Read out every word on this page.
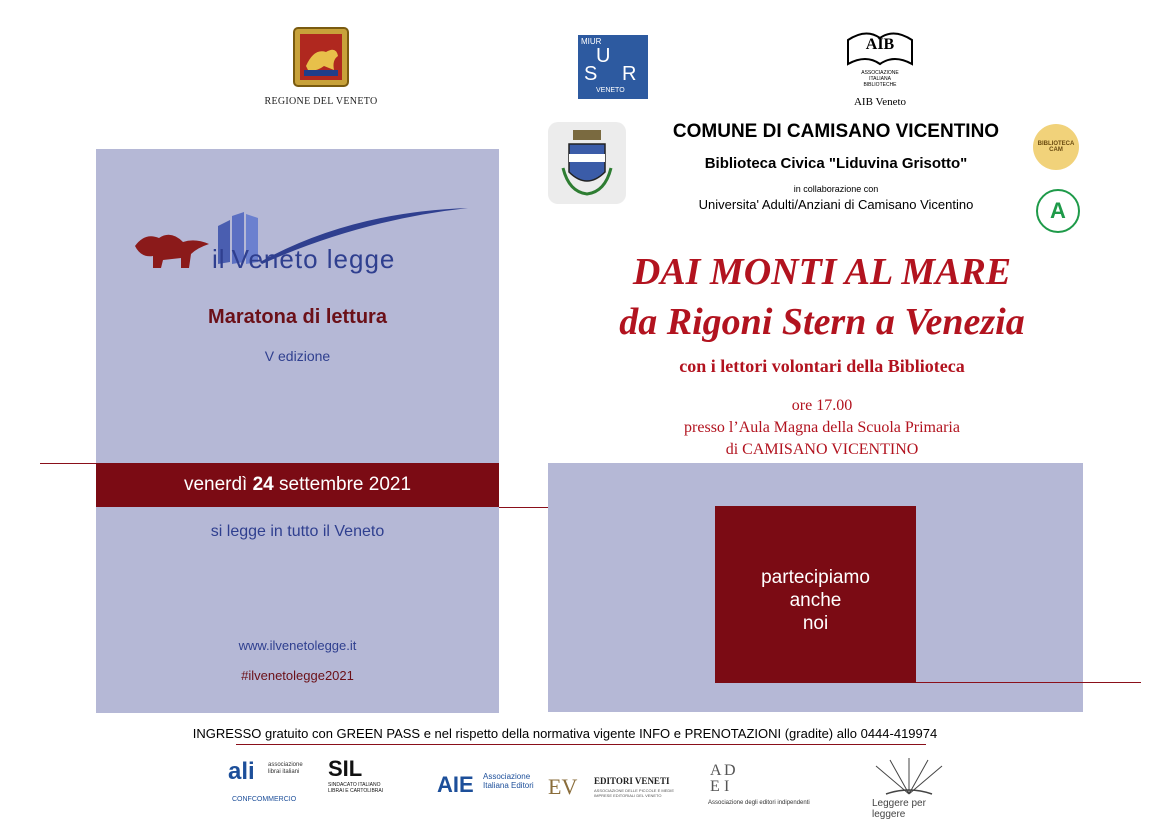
REGIONE DEL VENETO
MIUR
U
S R
VENETO
AIB
ASSOCIAZIONE ITALIANA BIBLIOTECHE
AIB Veneto
COMUNE DI CAMISANO VICENTINO
Biblioteca Civica "Liduvina Grisotto"
in collaborazione con
Universita' Adulti/Anziani di Camisano Vicentino
BIBLIOTECA CAM
A
il Veneto legge
Maratona di lettura
V edizione
venerdì 24 settembre 2021
si legge in tutto il Veneto
www.ilvenetolegge.it
#ilvenetolegge2021
DAI MONTI AL MARE
da Rigoni Stern a Venezia
con i lettori volontari della Biblioteca
ore 17.00
presso l’Aula Magna della Scuola Primaria
di CAMISANO VICENTINO
partecipiamo
anche
noi
INGRESSO gratuito con GREEN PASS e nel rispetto della normativa vigente INFO e PRENOTAZIONI (gradite) allo 0444-419974
ali associazione librai italiani
CONFCOMMERCIO
SIL
SINDACATO ITALIANO LIBRAI E CARTOLIBRAI AIE Associazione Italiana Editori EV EDITORI VENETI
ASSOCIAZIONE DELLE PICCOLE E MEDIE IMPRESE EDITORIALI DEL VENETO
A D
E I
Associazione degli editori indipendenti	Leggere per leggere
